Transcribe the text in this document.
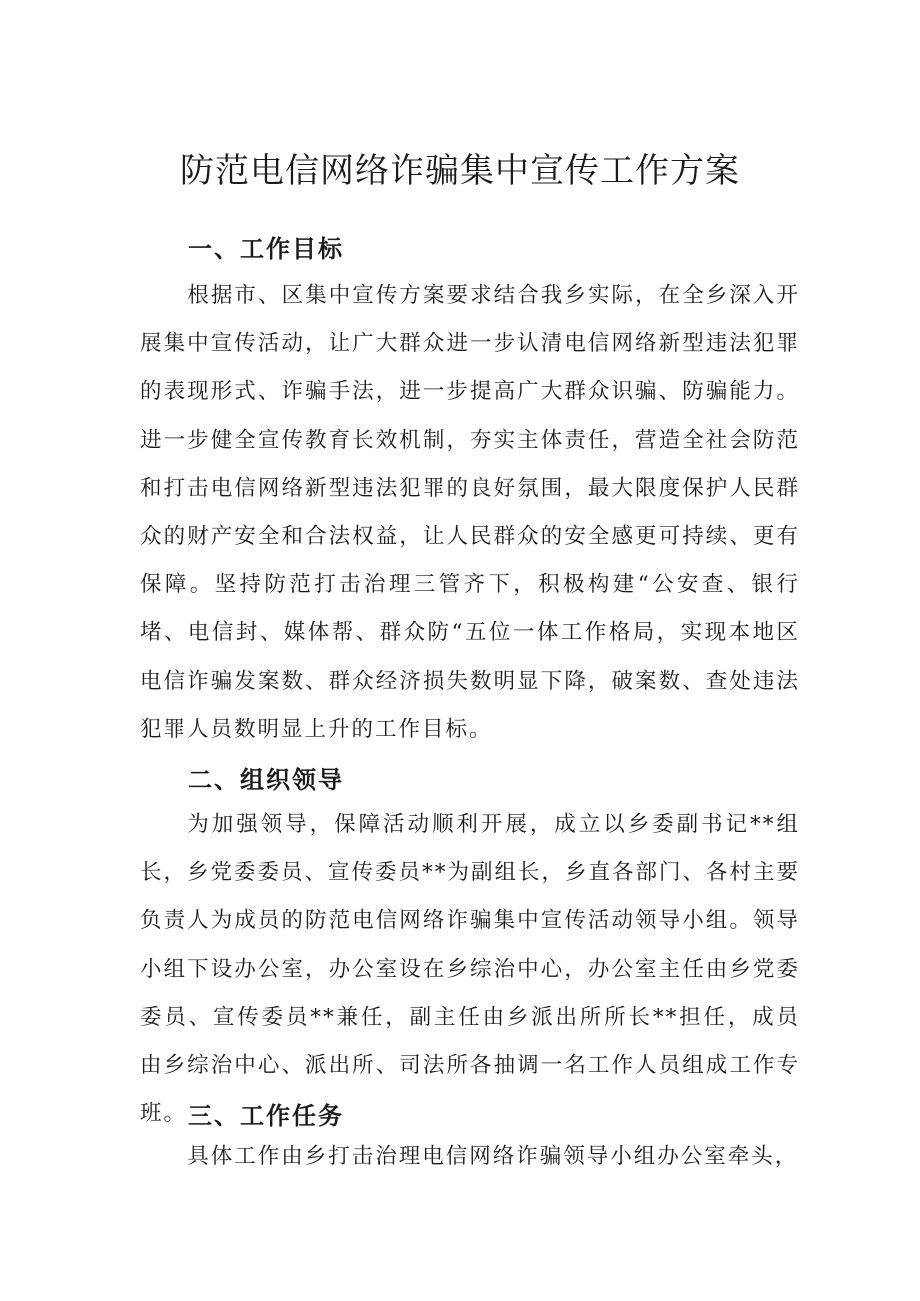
防范电信网络诈骗集中宣传工作方案
一、工作目标

根据市、区集中宣传方案要求结合我乡实际，在全乡深入开展集中宣传活动，让广大群众进一步认清电信网络新型违法犯罪的表现形式、诈骗手法，进一步提高广大群众识骗、防骗能力。进一步健全宣传教育长效机制，夯实主体责任，营造全社会防范和打击电信网络新型违法犯罪的良好氛围，最大限度保护人民群众的财产安全和合法权益，让人民群众的安全感更可持续、更有保障。坚持防范打击治理三管齐下，积极构建“公安查、银行堵、电信封、媒体帮、群众防“五位一体工作格局，实现本地区电信诈骗发案数、群众经济损失数明显下降，破案数、查处违法犯罪人员数明显上升的工作目标。

二、组织领导

为加强领导，保障活动顺利开展，成立以乡委副书记**组长，乡党委委员、宣传委员**为副组长，乡直各部门、各村主要负责人为成员的防范电信网络诈骗集中宣传活动领导小组。领导小组下设办公室，办公室设在乡综治中心，办公室主任由乡党委委员、宣传委员**兼任，副主任由乡派出所所长**担任，成员由乡综治中心、派出所、司法所各抽调一名工作人员组成工作专班。 三、工作任务

具体工作由乡打击治理电信网络诈骗领导小组办公室牵头，
